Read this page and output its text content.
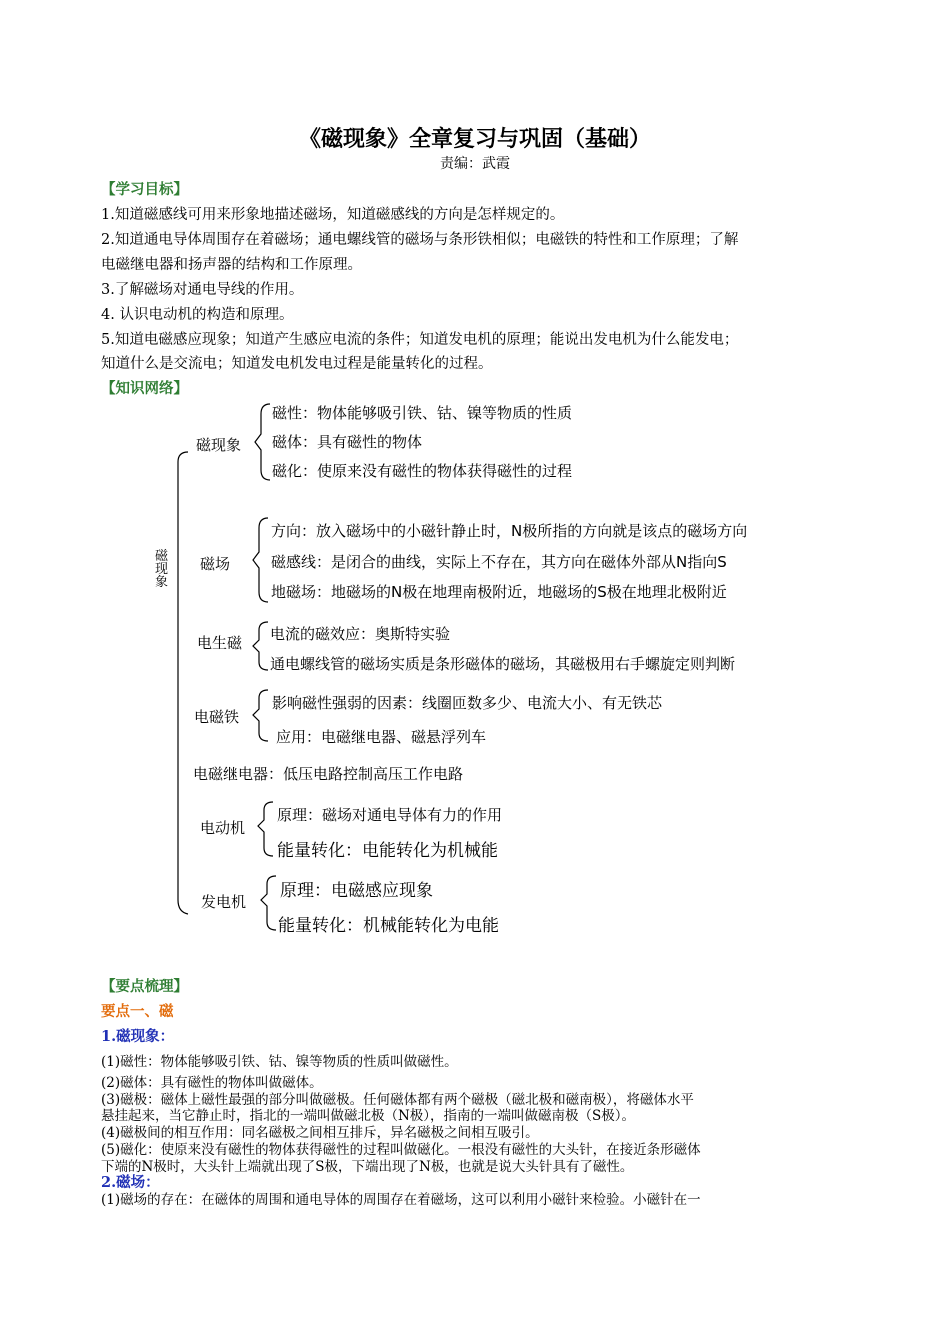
《磁现象》全章复习与巩固（基础）
责编：武霞
【学习目标】
1.知道磁感线可用来形象地描述磁场，知道磁感线的方向是怎样规定的。
2.知道通电导体周围存在着磁场；通电螺线管的磁场与条形铁相似；电磁铁的特性和工作原理；了解
电磁继电器和扬声器的结构和工作原理。
3.了解磁场对通电导线的作用。
4. 认识电动机的构造和原理。
5.知道电磁感应现象；知道产生感应电流的条件；知道发电机的原理；能说出发电机为什么能发电；
知道什么是交流电；知道发电机发电过程是能量转化的过程。
【知识网络】
磁现象
磁现象
磁性：物体能够吸引铁、钴、镍等物质的性质
磁体：具有磁性的物体
磁化：使原来没有磁性的物体获得磁性的过程
磁场
方向：放入磁场中的小磁针静止时，N极所指的方向就是该点的磁场方向
磁感线：是闭合的曲线，实际上不存在，其方向在磁体外部从N指向S
地磁场：地磁场的N极在地理南极附近，地磁场的S极在地理北极附近
电生磁 电流的磁效应：奥斯特实验
通电螺线管的磁场实质是条形磁体的磁场，其磁极用右手螺旋定则判断
电磁铁
影响磁性强弱的因素：线圈匝数多少、电流大小、有无铁芯
应用：电磁继电器、磁悬浮列车
电磁继电器：低压电路控制高压工作电路
电动机
原理：磁场对通电导体有力的作用
能量转化：电能转化为机械能
发电机
原理：电磁感应现象
能量转化：机械能转化为电能
【要点梳理】
要点一、磁
1.磁现象：
(1)磁性：物体能够吸引铁、钴、镍等物质的性质叫做磁性。
(2)磁体：具有磁性的物体叫做磁体。
(3)磁极：磁体上磁性最强的部分叫做磁极。任何磁体都有两个磁极（磁北极和磁南极），将磁体水平
悬挂起来，当它静止时，指北的一端叫做磁北极（N极），指南的一端叫做磁南极（S极）。
(4)磁极间的相互作用：同名磁极之间相互排斥，异名磁极之间相互吸引。
(5)磁化：使原来没有磁性的物体获得磁性的过程叫做磁化。一根没有磁性的大头针，在接近条形磁体
下端的N极时，大头针上端就出现了S极，下端出现了N极，也就是说大头针具有了磁性。
2.磁场：
(1)磁场的存在：在磁体的周围和通电导体的周围存在着磁场，这可以利用小磁针来检验。小磁针在一
